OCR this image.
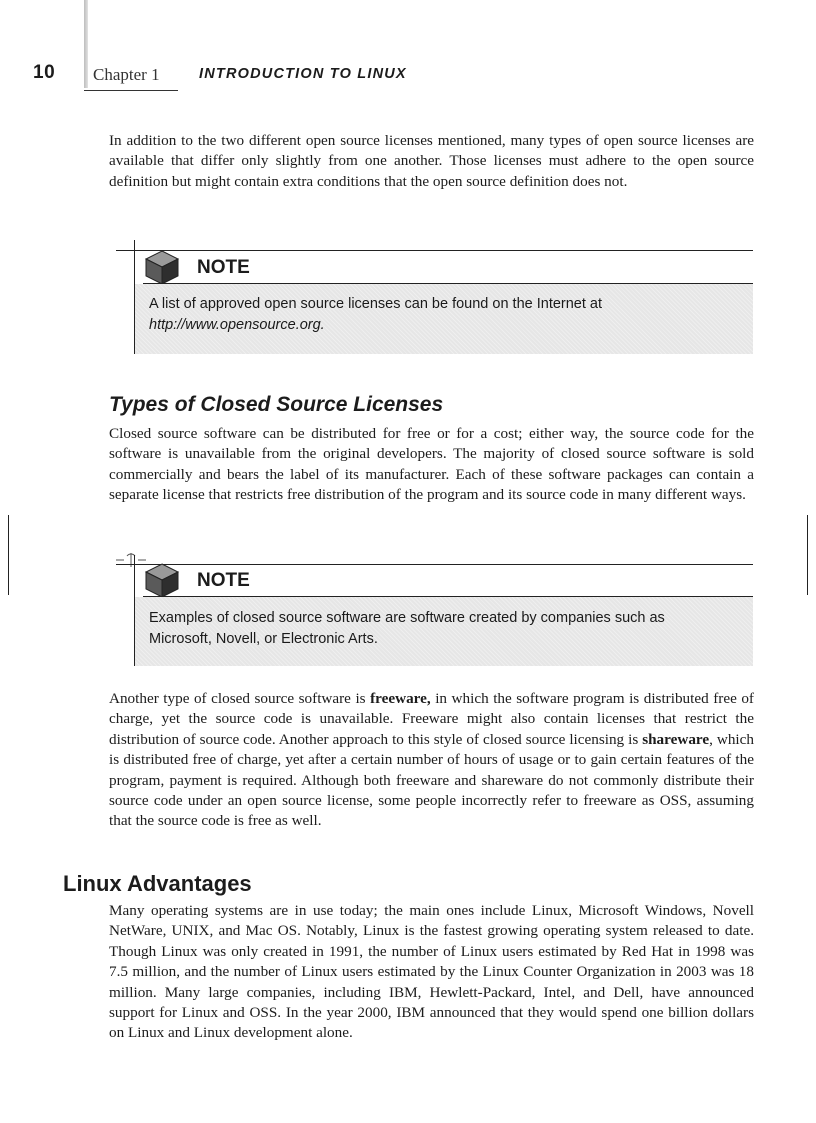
10 Chapter 1	INTRODUCTION TO LINUX

In addition to the two different open source licenses mentioned, many types of open source licenses are available that differ only slightly from one another. Those licenses must adhere to the open source definition but might contain extra conditions that the open source definition does not.

NOTE
A list of approved open source licenses can be found on the Internet at
http://www.opensource.org.
Types of Closed Source Licenses

Closed source software can be distributed for free or for a cost; either way, the source code for the software is unavailable from the original developers. The majority of closed source software is sold commercially and bears the label of its manufacturer. Each of these software packages can contain a separate license that restricts free distribution of the program and its source code in many different ways.

NOTE
Examples of closed source software are software created by companies such as Microsoft, Novell, or Electronic Arts.

Another type of closed source software is freeware, in which the software program is distributed free of charge, yet the source code is unavailable. Freeware might also contain licenses that restrict the distribution of source code. Another approach to this style of closed source licensing is shareware, which is distributed free of charge, yet after a certain number of hours of usage or to gain certain features of the program, payment is required. Although both freeware and shareware do not commonly distribute their source code under an open source license, some people incorrectly refer to freeware as OSS, assuming that the source code is free as well.

Linux Advantages

Many operating systems are in use today; the main ones include Linux, Microsoft Windows, Novell NetWare, UNIX, and Mac OS. Notably, Linux is the fastest growing operating system released to date. Though Linux was only created in 1991, the number of Linux users estimated by Red Hat in 1998 was 7.5 million, and the number of Linux users estimated by the Linux Counter Organization in 2003 was 18 million. Many large companies, including IBM, Hewlett-Packard, Intel, and Dell, have announced support for Linux and OSS. In the year 2000, IBM announced that they would spend one billion dollars on Linux and Linux development alone.
